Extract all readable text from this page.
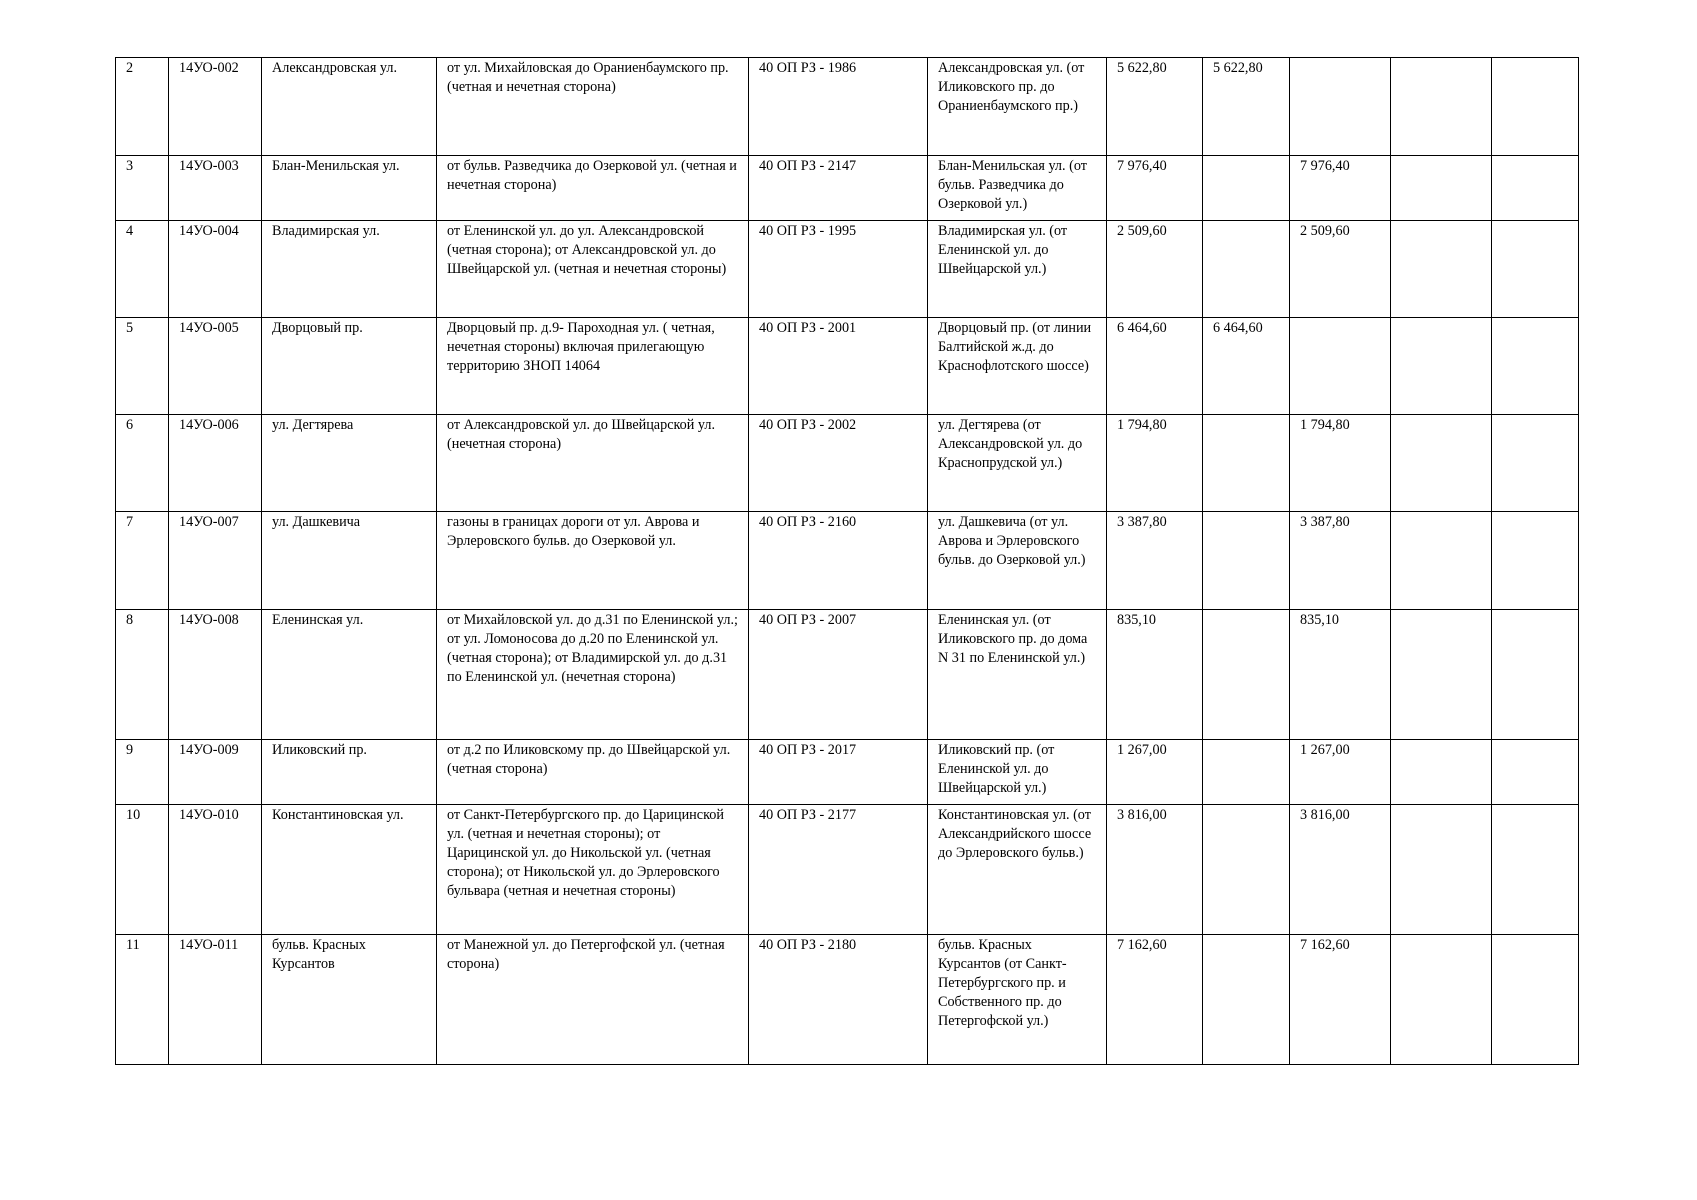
2	14УО-002	Александровская ул.	от ул. Михайловская до Ораниенбаумского пр. (четная и нечетная сторона)	40 ОП РЗ - 1986	Александровская ул. (от Иликовского пр. до Ораниенбаумского пр.)	5 622,80	5 622,80			
3	14УО-003	Блан-Менильская ул.	от бульв. Разведчика до Озерковой ул. (четная и нечетная сторона)	40 ОП РЗ - 2147	Блан-Менильская ул. (от бульв. Разведчика до Озерковой ул.)	7 976,40		7 976,40		
4	14УО-004	Владимирская ул.	от Еленинской ул. до ул. Александровской (четная сторона); от Александровской ул. до Швейцарской ул. (четная и нечетная стороны)	40 ОП РЗ - 1995	Владимирская ул. (от Еленинской ул. до Швейцарской ул.)	2 509,60		2 509,60		
5	14УО-005	Дворцовый пр.	Дворцовый пр. д.9- Пароходная ул. ( четная, нечетная стороны) включая прилегающую территорию ЗНОП 14064	40 ОП РЗ - 2001	Дворцовый пр. (от линии Балтийской ж.д. до Краснофлотского шоссе)	6 464,60	6 464,60			
6	14УО-006	ул. Дегтярева	от Александровской ул. до Швейцарской ул. (нечетная сторона)	40 ОП РЗ - 2002	ул. Дегтярева (от Александровской ул. до Краснопрудской ул.)	1 794,80		1 794,80		
7	14УО-007	ул. Дашкевича	газоны в границах дороги от ул. Аврова и Эрлеровского бульв. до Озерковой ул.	40 ОП РЗ - 2160	ул. Дашкевича (от ул. Аврова и Эрлеровского бульв. до Озерковой ул.)	3 387,80		3 387,80		
8	14УО-008	Еленинская ул.	от Михайловской ул. до д.31 по Еленинской ул.; от ул. Ломоносова до д.20 по Еленинской ул. (четная сторона); от Владимирской ул. до д.31 по Еленинской ул. (нечетная сторона)	40 ОП РЗ - 2007	Еленинская ул. (от Иликовского пр. до дома N 31 по Еленинской ул.)	835,10		835,10		
9	14УО-009	Иликовский пр.	от д.2 по Иликовскому пр. до Швейцарской ул. (четная сторона)	40 ОП РЗ - 2017	Иликовский пр. (от Еленинской ул. до Швейцарской ул.)	1 267,00		1 267,00		
10	14УО-010	Константиновская ул.	от Санкт-Петербургского пр. до Царицинской ул. (четная и нечетная стороны); от Царицинской ул. до Никольской ул. (четная сторона); от Никольской ул. до Эрлеровского бульвара (четная и нечетная стороны)	40 ОП РЗ - 2177	Константиновская ул. (от Александрийского шоссе до Эрлеровского бульв.)	3 816,00		3 816,00		
11	14УО-011	бульв. Красных Курсантов	от Манежной ул. до Петергофской ул. (четная сторона)	40 ОП РЗ - 2180	бульв. Красных Курсантов (от Санкт-Петербургского пр. и Собственного пр. до Петергофской ул.)	7 162,60		7 162,60		
